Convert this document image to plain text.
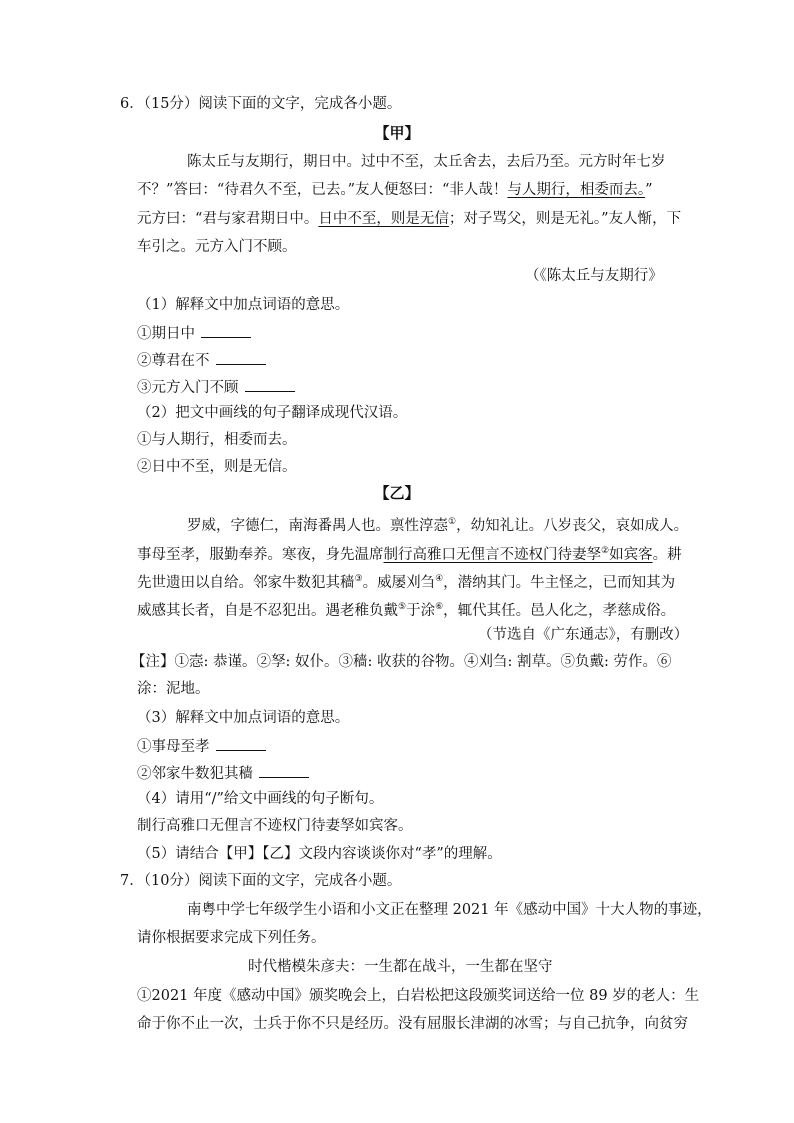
6．（15分）阅读下面的文字，完成各小题。
【甲】
陈太丘与友期行，期日中。过中不至，太丘舍去，去后乃至。元方时年七岁
不？”答曰：“待君久不至，已去。”友人便怒曰：“非人哉！与人期行，相委而去。”
元方曰：“君与家君期日中。日中不至，则是无信；对子骂父，则是无礼。”友人惭，下
车引之。元方入门不顾。
（《陈太丘与友期行》
（1）解释文中加点词语的意思。
①期日中
②尊君在不
③元方入门不顾
（2）把文中画线的句子翻译成现代汉语。
①与人期行，相委而去。
②日中不至，则是无信。
【乙】
罗威，字德仁，南海番禺人也。禀性淳悫①，幼知礼让。八岁丧父，哀如成人。
事母至孝，服勤奉养。寒夜，身先温席制行高雅口无俚言不迹权门待妻孥②如宾客。耕
先世遗田以自给。邻家牛数犯其穑③。威屡刈刍④，潜纳其门。牛主怪之，已而知其为
威感其长者，自是不忍犯出。遇老稚负戴⑤于涂⑥，辄代其任。邑人化之，孝慈成俗。
（节选自《广东通志》，有删改）
【注】①悫: 恭谨。②孥: 奴仆。③穑: 收获的谷物。④刈刍: 割草。⑤负戴: 劳作。⑥
涂：泥地。
（3）解释文中加点词语的意思。
①事母至孝
②邻家牛数犯其穑
（4）请用“/”给文中画线的句子断句。
制行高雅口无俚言不迹权门待妻孥如宾客。
（5）请结合【甲】【乙】文段内容谈谈你对“孝”的理解。
7．（10分）阅读下面的文字，完成各小题。
南粤中学七年级学生小语和小文正在整理 2021 年《感动中国》十大人物的事迹，
请你根据要求完成下列任务。
时代楷模朱彦夫：一生都在战斗，一生都在坚守
①2021 年度《感动中国》颁奖晚会上，白岩松把这段颁奖词送给一位 89 岁的老人：生
命于你不止一次，士兵于你不只是经历。没有屈服长津湖的冰雪；与自己抗争，向贫穷
